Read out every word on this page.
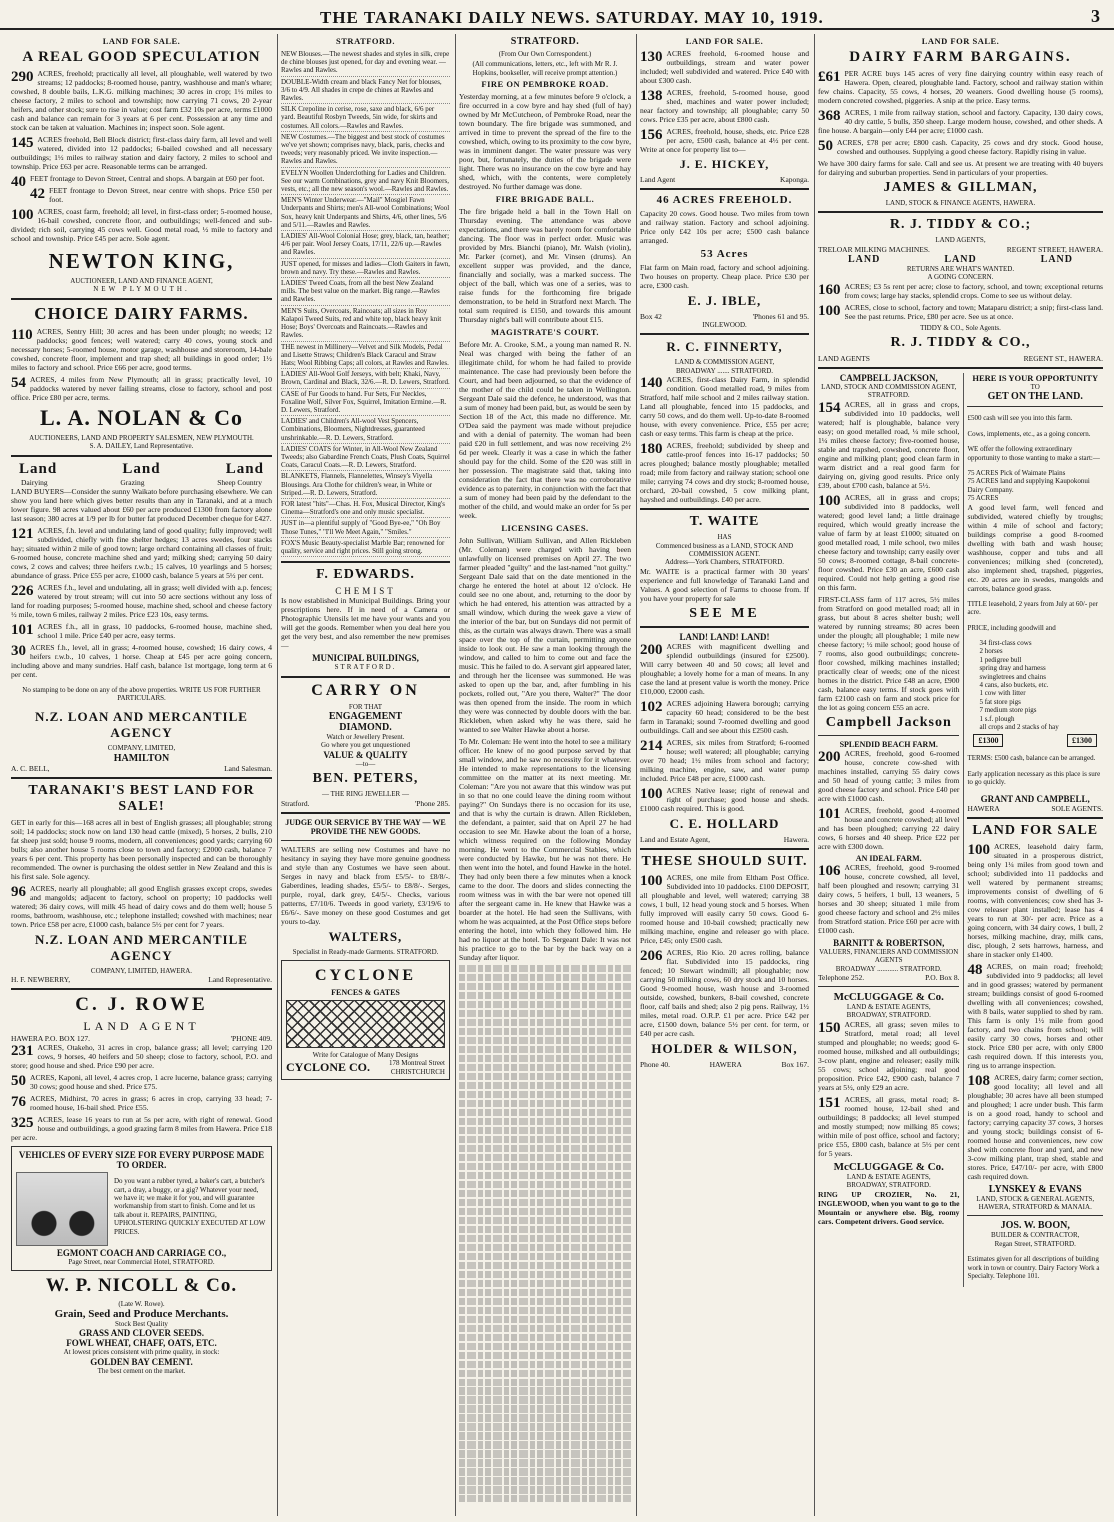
THE TARANAKI DAILY NEWS. SATURDAY. MAY 10, 1919.	3
LAND FOR SALE.
A REAL GOOD SPECULATION

290 ACRES, freehold; practically all level, all ploughable, well watered by two streams; 12 paddocks; 8-roomed house, pantry, washhouse and man's whare; cowshed, 8 double bails, L.K.G. milking machines; 30 acres in crop; 1½ miles to cheese factory, 2 miles to school and township; now carrying 71 cows, 20 2-year heifers, and other stock; sure to rise in value; cost farm £32 10s per acre, terms £1000 cash and balance can remain for 3 years at 6 per cent. Possession at any time and stock can be taken at valuation. Machines in; inspect soon. Sole agent.

145 ACRES freehold, Bell Block district; first-class dairy farm, all level and well watered, divided into 12 paddocks; 6-bailed cowshed and all necessary outbuildings; 1½ miles to railway station and dairy factory, 2 miles to school and township. Price £63 per acre. Reasonable terms can be arranged.

40 FEET frontage to Devon Street, Central and shops. A bargain at £60 per foot.

42 FEET frontage to Devon Street, near centre with shops. Price £50 per foot.

100 ACRES, coast farm, freehold; all level, in first-class order; 5-roomed house, 16-bail cowshed, concrete floor, and outbuildings; well-fenced and sub-divided; rich soil, carrying 45 cows well. Good metal road, ½ mile to factory and school and township. Price £45 per acre. Sole agent.

NEWTON KING,
AUCTIONEER, LAND AND FINANCE AGENT,
NEW PLYMOUTH.
CHOICE DAIRY FARMS.

110 ACRES, Sentry Hill; 30 acres and has been under plough; no weeds; 12 paddocks; good fences; well watered; carry 40 cows, young stock and necessary horses; 5-roomed house, motor garage, washhouse and storeroom, 14-bale cowshed, concrete floor, implement and trap shed; all buildings in good order; 1½ miles to factory and school. Price £66 per acre, good terms.

54 ACRES, 4 miles from New Plymouth; all in grass; practically level, 10 paddocks watered by never failing streams, close to factory, school and post office. Price £80 per acre, terms.

L. A. NOLAN & Co
AUCTIONEERS, LAND AND PROPERTY SALESMEN, NEW PLYMOUTH.
S. A. DAILEY, Land Representative.
Land	Land	Land
Dairying	Grazing	Sheep Country

LAND BUYERS—Consider the sunny Waikato before purchasing elsewhere. We can show you land here which gives better results than any in Taranaki, and at a much lower figure. 98 acres valued about £60 per acre produced £1300 from factory alone last season; 380 acres at 1/9 per lb for butter fat produced December cheque for £427.

121 ACRES, f.h. level and undulating land of good quality; fully improved; well subdivided, chiefly with fine shelter hedges; 13 acres swedes, four stacks hay; situated within 2 mile of good town; large orchard containing all classes of fruit; 6-roomed house, concrete machine shed and yard; milking shed; carrying 50 dairy cows, 2 cows and calves; three heifers r.w.b.; 15 calves, 10 yearlings and 5 horses; abundance of grass. Price £55 per acre, £1000 cash, balance 5 years at 5½ per cent.

226 ACRES f.h., level and undulating, all in grass; well divided with a.p. fences; watered by trout stream; will cut into 50 acre sections without any loss of land for roading purposes; 5-roomed house, machine shed, school and cheese factory ½ mile, town 6 miles, railway 2 miles. Price £23 10s, easy terms.

101 ACRES f.h., all in grass, 10 paddocks, 6-roomed house, machine shed, school 1 mile. Price £40 per acre, easy terms.

30 ACRES f.h., level, all in grass; 4-roomed house, cowshed; 16 dairy cows, 4 heifers r.w.b., 10 calves, 1 horse. Cheap at £45 per acre going concern, including above and many sundries. Half cash, balance 1st mortgage, long term at 6 per cent.

No stamping to be done on any of the above properties. WRITE US FOR FURTHER PARTICULARS.

N.Z. LOAN AND MERCANTILE AGENCY
COMPANY, LIMITED,
HAMILTON
A. C. BELL,	Land Salesman.
TARANAKI'S BEST LAND FOR SALE!

GET in early for this—168 acres all in best of English grasses; all ploughable; strong soil; 14 paddocks; stock now on land 130 head cattle (mixed), 5 horses, 2 bulls, 210 fat sheep just sold; house 9 rooms, modern, all conveniences; good yards; carrying 60 bulls; also another house 5 rooms close to town and factory; £2000 cash, balance 7 years 6 per cent. This property has been personally inspected and can be thoroughly recommended. The owner is purchasing the oldest settler in New Zealand and this is his first sale. Sole agency.

96 ACRES, nearly all ploughable; all good English grasses except crops, swedes and mangolds; adjacent to factory, school on property; 10 paddocks well watered; 36 dairy cows, will milk 45 head of dairy cows and do them well; house 5 rooms, bathroom, washhouse, etc.; telephone installed; cowshed with machines; near town. Price £58 per acre, £1000 cash, balance 5½ per cent for 7 years.

N.Z. LOAN AND MERCANTILE AGENCY
COMPANY, LIMITED, HAWERA.
H. F. NEWBERRY,	Land Representative.
C. J. ROWE
LAND AGENT
HAWERA P.O. BOX 127.	'PHONE 409.

231 ACRES, Otakeho, 31 acres in crop, balance grass; all level; carrying 120 cows, 9 horses, 40 heifers and 50 sheep; close to factory, school, P.O. and store; good house and shed. Price £90 per acre.

50 ACRES, Kaponi, all level, 4 acres crop, 1 acre lucerne, balance grass; carrying 30 cows; good house and shed. Price £75.

76 ACRES, Midhirst, 70 acres in grass; 6 acres in crop, carrying 33 head; 7-roomed house, 16-bail shed. Price £55.

325 ACRES, lease 16 years to run at 5s per acre, with right of renewal. Good house and outbuildings, a good grazing farm 8 miles from Hawera. Price £18 per acre.

VEHICLES OF EVERY SIZE FOR EVERY PURPOSE MADE TO ORDER.

Do you want a rubber tyred, a baker's cart, a butcher's cart, a dray, a buggy, or a gig? Whatever your need, we have it; we make it for you, and will guarantee workmanship from start to finish. Come and let us talk about it. REPAIRS, PAINTING, UPHOLSTERING QUICKLY EXECUTED AT LOW PRICES.

EGMONT COACH AND CARRIAGE CO.,
Page Street, near Commercial Hotel, STRATFORD.
W. P. NICOLL & Co.
(Late W. Rowe).
Grain, Seed and Produce Merchants.
Stock Best Quality
GRASS AND CLOVER SEEDS.
FOWL WHEAT, CHAFF, OATS, ETC.
At lowest prices consistent with prime quality, in stock:
GOLDEN BAY CEMENT.
The best cement on the market.
STRATFORD.
NEW Blouses.—The newest shades and styles in silk, crepe de chine blouses just opened, for day and evening wear. —Rawles and Rawles.
DOUBLE-Width cream and black Fancy Net for blouses, 3/6 to 4/9. All shades in crepe de chines at Rawles and Rawles.
SILK Crepoline in cerise, rose, saxe and black, 6/6 per yard. Beautiful Rosbyn Tweeds, 5in wide, for skirts and costumes. All colors.—Rawles and Rawles.
NEW Costumes.—The biggest and best stock of costumes we've yet shown; comprises navy, black, paris, checks and tweeds; very reasonably priced. We invite inspection.—Rawles and Rawles.
EVELYN Woollen Underclothing for Ladies and Children. See our warm Combinations, grey and navy Knit Bloomers, vests, etc.; all the new season's wool.—Rawles and Rawles.
MEN'S Winter Underwear.—"Mail" Mosgiel Fawn Underpants and Shirts; men's All-wool Combinations; Wool Sox, heavy knit Underpants and Shirts, 4/6, other lines, 5/6 and 5/11.—Rawles and Rawles.
LADIES' All-Wool Colonial Hose; grey, black, tan, heather; 4/6 per pair. Wool Jersey Coats, 17/11, 22/6 up.—Rawles and Rawles.
JUST opened, for misses and ladies—Cloth Gaiters in fawn, brown and navy. Try these.—Rawles and Rawles.
LADIES' Tweed Coats, from all the best New Zealand mills. The best value on the market. Big range.—Rawles and Rawles.
MEN'S Suits, Overcoats, Raincoats; all sizes in Roy Kalapoi Tweed Suits, red and white top, black heavy knit Hose; Boys' Overcoats and Raincoats.—Rawles and Rawles.
THE newest in Millinery—Velvet and Silk Models, Pedal and Lisette Straws; Children's Black Caracul and Straw Hats; Wool Ribbing Caps; all colors, at Rawles and Rawles.
LADIES' All-Wool Golf Jerseys, with belt; Khaki, Navy, Brown, Cardinal and Black, 32/6.—R. D. Lewers, Stratford.
CASE of Fur Goods to hand. Fur Sets, Fur Neckles, Foxaline Wolf, Silver Fox, Squirrel, Imitation Ermine.—R. D. Lewers, Stratford.
LADIES' and Children's All-wool Vest Spencers, Combinations, Bloomers, Nightdresses, guaranteed unshrinkable.—R. D. Lewers, Stratford.
LADIES' COATS for Winter, in All-Wool New Zealand Tweeds; also Gabardine French Coats, Plush Coats, Squirrel Coats, Caracul Coats.—R. D. Lewers, Stratford.
BLANKETS, Flannels, Flannelettes, Winsey's Viyella Blousings. Ara Clothe for children's wear, in White or Striped.—R. D. Lewers, Stratford.
FOR latest "hits"—Chas. H. Fox, Musical Director, King's Cinema—Stratford's one and only music specialist.
JUST in—a plentiful supply of "Good Bye-ee," "Oh Boy Those Tunes," "I'll We Meet Again," "Smiles."
FOX'S Music Beauty-specialist Marble Bar; renowned for quality, service and right prices. Still going strong.
F. EDWARDS.
CHEMIST

Is now established in Municipal Buildings. Bring your prescriptions here. If in need of a Camera or Photographic Utensils let me have your wants and you will get the goods. Remember when you deal here you get the very best, and also remember the new premises—

MUNICIPAL BUILDINGS,
STRATFORD.
CARRY ON
FOR THAT
ENGAGEMENT
DIAMOND.
Watch or Jewellery Present.
Go where you get unquestioned
VALUE & QUALITY
—to—
BEN. PETERS,
— THE RING JEWELLER —
Stratford.	'Phone 285.
JUDGE OUR SERVICE BY THE WAY — WE PROVIDE THE NEW GOODS.

WALTERS are selling new Costumes and have no hesitancy in saying they have more genuine goodness and style than any Costumes we have seen about. Serges in navy and black from £5/5/- to £8/8/-. Gaberdines, leading shades, £5/5/- to £8/8/-. Serges, purple, royal, dark grey, £4/5/-. Checks, various patterns, £7/10/6. Tweeds in good variety, £3/19/6 to £6/6/-. Save money on these good Costumes and get yours to-day.

WALTERS,
Specialist in Ready-made Garments. STRATFORD.
CYCLONE
FENCES & GATES
Write for Catalogue of Many Designs
CYCLONE CO.	178 Montreal Street CHRISTCHURCH
STRATFORD.
(From Our Own Correspondent.)

(All communications, letters, etc., left with Mr R. J. Hopkins, bookseller, will receive prompt attention.)

FIRE ON PEMBROKE ROAD.

Yesterday morning, at a few minutes before 9 o'clock, a fire occurred in a cow byre and hay shed (full of hay) owned by Mr McCutcheon, of Pembroke Road, near the town boundary. The fire brigade was summoned, and arrived in time to prevent the spread of the fire to the cowshed, which, owing to its proximity to the cow byre, was in imminent danger. The water pressure was very poor, but, fortunately, the duties of the brigade were light. There was no insurance on the cow byre and hay shed, which, with the contents, were completely destroyed. No further damage was done.

FIRE BRIGADE BALL.

The fire brigade held a ball in the Town Hall on Thursday evening. The attendance was above expectations, and there was barely room for comfortable dancing. The floor was in perfect order. Music was provided by Mrs. Bianchi (piano), Mr. Walsh (violin), Mr. Parker (cornet), and Mr. Vinsen (drums). An excellent supper was provided, and the dance, financially and socially, was a marked success. The object of the ball, which was one of a series, was to raise funds for the forthcoming fire brigade demonstration, to be held in Stratford next March. The total sum required is £150, and towards this amount Thursday night's ball will contribute about £15.

MAGISTRATE'S COURT.

Before Mr. A. Crooke, S.M., a young man named R. N. Neal was charged with being the father of an illegitimate child, for whom he had failed to provide maintenance. The case had previously been before the Court, and had been adjourned, so that the evidence of the mother of the child could be taken in Wellington. Sergeant Dale said the defence, he understood, was that a sum of money had been paid, but, as would be seen by Section 18 of the Act, this made no difference. Mr. O'Dea said the payment was made without prejudice and with a denial of paternity. The woman had been paid £20 in full settlement, and was now receiving 2½ 6d per week. Clearly it was a case in which the father should pay for the child. Some of the £20 was still in her possession. The magistrate said that, taking into consideration the fact that there was no corroborative evidence as to paternity, in conjunction with the fact that a sum of money had been paid by the defendant to the mother of the child, and would make an order for 5s per week.

LICENSING CASES.

John Sullivan, William Sullivan, and Allen Rickleben (Mr. Coleman) were charged with having been unlawfully on licensed premises on April 27. The two farmer pleaded "guilty" and the last-named "not guilty." Sergeant Dale said that on the date mentioned in the charge he entered the hotel at about 12 o'clock. He could see no one about, and, returning to the door by which he had entered, his attention was attracted by a small window, which during the week gave a view of the interior of the bar, but on Sundays did not permit of this, as the curtain was always drawn. There was a small space over the top of the curtain, permitting anyone inside to look out. He saw a man looking through the window, and called to him to come out and face the music. This he failed to do. A servant girl appeared later, and through her the licensee was summoned. He was asked to open up the bar, and, after fumbling in his pockets, rolled out, "Are you there, Walter?" The door was then opened from the inside. The room in which they were was connected by double doors with the bar. Rickleben, when asked why he was there, said he wanted to see Walter Hawke about a horse.

To Mr. Coleman: He went into the hotel to see a military officer. He knew of no good purpose served by that small window, and he saw no necessity for it whatever. He intended to make representations to the licensing committee on the matter at its next meeting. Mr. Coleman: "Are you not aware that this window was put in so that no one could leave the dining room without paying?" On Sundays there is no occasion for its use, and that is why the curtain is drawn. Allen Rickleben, the defendant, a painter, said that on April 27 he had occasion to see Mr. Hawke about the loan of a horse, which witness required on the following Monday morning. He went to the Commercial Stables, which were conducted by Hawke, but he was not there. He then went into the hotel, and found Hawke in the hotel. They had only been there a few minutes when a knock came to the door. The doors and slides connecting the room witness was in with the bar were not opened till after the sergeant came in. He knew that Hawke was a boarder at the hotel. He had seen the Sullivans, with whom he was acquainted, at the Post Office steps before entering the hotel, into which they followed him. He had no liquor at the hotel. To Sergeant Dale: It was not his practice to go to the bar by the back way on a Sunday after liquor.

LAND FOR SALE.

130 ACRES freehold, 6-roomed house and outbuildings, stream and water power included; well subdivided and watered. Price £40 with about £300 cash.

138 ACRES, freehold, 5-roomed house, good shed, machines and water power included; near factory and township; all ploughable; carry 50 cows. Price £35 per acre, about £800 cash.

156 ACRES, freehold, house, sheds, etc. Price £28 per acre, £500 cash, balance at 4½ per cent. Write at once for property list to—

J. E. HICKEY,
Land Agent	Kaponga.
46 ACRES FREEHOLD.

Capacity 20 cows. Good house. Two miles from town and railway station. Factory and school adjoining. Price only £42 10s per acre; £500 cash balance arranged.

53 Acres

Flat farm on Main road, factory and school adjoining. Two houses on property. Cheap place. Price £30 per acre, £300 cash.

E. J. IBLE,
Box 42	'Phones 61 and 95.
INGLEWOOD.
R. C. FINNERTY,
LAND & COMMISSION AGENT,
BROADWAY ....... STRATFORD.

140 ACRES, first-class Dairy Farm, in splendid condition. Good metalled road, 9 miles from Stratford, half mile school and 2 miles railway station. Land all ploughable, fenced into 15 paddocks, and carry 50 cows, and do them well. Up-to-date 8-roomed house, with every convenience. Price, £55 per acre; cash or easy terms. This farm is cheap at the price.

180 ACRES, freehold; subdivided by sheep and cattle-proof fences into 16-17 paddocks; 50 acres ploughed; balance mostly ploughable; metalled road; mile from factory and railway station; school one mile; carrying 74 cows and dry stock; 8-roomed house, orchard, 20-bail cowshed, 5 cow milking plant, hayshed and outbuildings. £40 per acre.

T. WAITE
HAS
Commenced business as a LAND, STOCK AND COMMISSION AGENT.
Address—York Chambers, STRATFORD.

Mr. WAITE is a practical farmer with 30 years' experience and full knowledge of Taranaki Land and Values. A good selection of Farms to choose from. If you have your property for sale

SEE ME
LAND! LAND! LAND!

200 ACRES with magnificent dwelling and splendid outbuildings (insured for £2500). Will carry between 40 and 50 cows; all level and ploughable; a lovely home for a man of means. In any case the land at present value is worth the money. Price £10,000, £2000 cash.

102 ACRES adjoining Hawera borough; carrying capacity 60 head; considered to be the best farm in Taranaki; sound 7-roomed dwelling and good outbuildings. Call and see about this £2500 cash.

214 ACRES, six miles from Stratford; 6-roomed house; well watered; all ploughable; carrying over 70 head; 1½ miles from school and factory; milking machine, engine, saw, and water pump included. Price £48 per acre, £1000 cash.

100 ACRES Native lease; right of renewal and right of purchase; good house and sheds. £1000 cash required. This is good.

C. E. HOLLARD
Land and Estate Agent,	Hawera.
THESE SHOULD SUIT.

100 ACRES, one mile from Eltham Post Office. Subdivided into 10 paddocks. £100 DEPOSIT, all ploughable and level, well watered; carrying 38 cows, 1 bull, 12 head young stock and 5 horses. When fully improved will easily carry 50 cows. Good 6-roomed house and 10-bail cowshed; practically new milking machine, engine and releaser go with place. Price, £45; only £500 cash.

206 ACRES, Rio Kio. 20 acres rolling, balance flat. Subdivided into 15 paddocks, ring fenced; 10 Stewart windmill; all ploughable; now carrying 50 milking cows, 60 dry stock and 10 horses. Good 9-roomed house, wash house and 3-roomed outside, cowshed, bunkers, 8-bail cowshed, concrete floor, calf bails and shed; also 2 pig pens. Railway, 1½ miles, metal road. O.R.P. £1 per acre. Price £42 per acre, £1500 down, balance 5½ per cent. for term, or £40 per acre cash.

HOLDER & WILSON,
Phone 40.	HAWERA	Box 167.
LAND FOR SALE.
DAIRY FARM BARGAINS.

£61 PER ACRE buys 145 acres of very fine dairying country within easy reach of Hawera. Open, cleared, ploughable land. Factory, school and railway station within few chains. Capacity, 55 cows, 4 horses, 20 weaners. Good dwelling house (5 rooms), modern concreted cowshed, piggeries. A snip at the price. Easy terms.

368 ACRES, 1 mile from railway station, school and factory. Capacity, 130 dairy cows, 40 dry cattle, 5 bulls, 350 sheep. Large modern house, cowshed, and other sheds. A fine house. A bargain—only £44 per acre; £1000 cash.

50 ACRES, £78 per acre; £800 cash. Capacity, 25 cows and dry stock. Good house, cowshed and outhouses. Supplying a good cheese factory. Rapidly rising in value.

We have 300 dairy farms for sale. Call and see us. At present we are treating with 40 buyers for dairying and suburban properties. Send in particulars of your properties.

JAMES & GILLMAN,
LAND, STOCK & FINANCE AGENTS, HAWERA.
R. J. TIDDY & CO.;
LAND AGENTS,
TRELOAR MILKING MACHINES.	REGENT STREET, HAWERA.
LAND	LAND	LAND
RETURNS ARE WHAT'S WANTED.
A GOING CONCERN.

160 ACRES; £3 5s rent per acre; close to factory, school, and town; exceptional returns from cows; large hay stacks, splendid crops. Come to see us without delay.

100 ACRES, close to school, factory and town; Mataparu district; a snip; first-class land. See the past returns. Price, £80 per acre. See us at once.

TIDDY & CO., Sole Agents.
R. J. TIDDY & CO.,
LAND AGENTS	REGENT ST., HAWERA.
CAMPBELL JACKSON,
LAND, STOCK AND COMMISSION AGENT, STRATFORD.

154 ACRES, all in grass and crops, subdivided into 10 paddocks, well watered; half is ploughable, balance very easy; on good metalled road, ¼ mile school, 1¼ miles cheese factory; five-roomed house, stable and trapshed, cowshed, concrete floor, engine and milking plant; good clean farm in warm district and a real good farm for dairying on, giving good results. Price only £39, about £700 cash, balance at 5½.

100 ACRES, all in grass and crops; subdivided into 8 paddocks, well watered; good level land; a little drainage required, which would greatly increase the value of farm by at least £1000; situated on good metalled road, 1 mile school, two miles cheese factory and township; carry easily over 50 cows; 8-roomed cottage, 8-bail concrete-floor cowshed. Price £30 an acre, £600 cash required. Could not help getting a good rise on this farm.

FIRST-CLASS farm of 117 acres, 5½ miles from Stratford on good metalled road; all in grass, but about 8 acres shelter bush; well watered by running streams; 80 acres been under the plough; all ploughable; 1 mile new cheese factory; ½ mile school; good house of 7 rooms, also good outbuildings; concrete-floor cowshed, milking machines installed; practically clear of weeds; one of the nicest homes in the district. Price £48 an acre, £900 cash, balance easy terms. If stock goes with farm £2100 cash on farm and stock price for the lot as going concern £55 an acre.

Campbell Jackson
SPLENDID BEACH FARM.

200 ACRES, freehold, good 6-roomed house, concrete cow-shed with machines installed, carrying 55 dairy cows and 50 head of young cattle; 3 miles from good cheese factory and school. Price £40 per acre with £1000 cash.

101 ACRES, freehold, good 4-roomed house and concrete cowshed; all level and has been ploughed; carrying 22 dairy cows, 6 horses and 40 sheep. Price £22 per acre with £300 down.

AN IDEAL FARM.

106 ACRES, freehold, good 9-roomed house, concrete cowshed, all level, half been ploughed and resown; carrying 31 dairy cows, 5 heifers, 1 bull, 13 weaners, 5 horses and 30 sheep; situated 1 mile from good cheese factory and school and 2½ miles from Stratford station. Price £60 per acre with £1000 cash.

BARNITT & ROBERTSON,
VALUERS, FINANCIERS AND COMMISSION AGENTS
BROADWAY ............ STRATFORD.
Telephone 252.	P.O. Box 8.
McCLUGGAGE & Co.
LAND & ESTATE AGENTS,
BROADWAY, STRATFORD.

150 ACRES, all grass; seven miles to Stratford, metal road; all level stumped and ploughable; no weeds; good 6-roomed house, milkshed and all outbuildings; 3-cow plant, engine and releaser; easily milk 55 cows; school adjoining; real good proposition. Price £42, £900 cash, balance 7 years at 5½, only £29 an acre.

151 ACRES, all grass, metal road; 8-roomed house, 12-bail shed and outbuildings; 8 paddocks; all level stumped and mostly stumped; now milking 85 cows; within mile of post office, school and factory; price £55, £800 cash, balance at 5½ per cent for 5 years.

McCLUGGAGE & Co.
LAND & ESTATE AGENTS,
BROADWAY, STRATFORD.

RING UP CROZIER, No. 21, INGLEWOOD, when you want to go to the Mountain or anywhere else. Big, roomy cars. Competent drivers. Good service.

HERE IS YOUR OPPORTUNITY
TO
GET ON THE LAND.

£500 cash will see you into this farm.

Cows, implements, etc., as a going concern.

WE offer the following extraordinary opportunity to those wanting to make a start:—

75 ACRES Pick of Waimate Plains
75 ACRES land and supplying Kaupokonui Dairy Company.
75 ACRES

A good level farm, well fenced and subdivided, watered chiefly by troughs; within 4 mile of school and factory; buildings comprise a good 8-roomed dwelling with bath and wash house; washhouse, copper and tubs and all conveniences; milking shed (concreted), also implement shed, trapshed, piggeries, etc. 20 acres are in swedes, mangolds and carrots, balance good grass.

TITLE leasehold, 2 years from July at 60/- per acre.

PRICE, including goodwill and

34 first-class cows
2 horses
1 pedigree bull
spring dray and harness
swingletrees and chains
4 cans, also buckets, etc.
1 cow with litter
5 fat store pigs
7 medium store pigs
1 s.f. plough
all crops and 2 stacks of hay
£1300	£1300

TERMS: £500 cash, balance can be arranged.

Early application necessary as this place is sure to go quickly.

GRANT AND CAMPBELL,
HAWERA	SOLE AGENTS.
LAND FOR SALE

100 ACRES, leasehold dairy farm, situated in a prosperous district, being only 1¼ miles from good town and school; subdivided into 11 paddocks and well watered by permanent streams; improvements consist of dwelling of 6 rooms, with conveniences; cow shed has 3-cow releaser plant installed; lease has 4 years to run at 30/- per acre. Price as a going concern, with 34 dairy cows, 1 bull, 2 horses, milking machine, dray, milk cans, disc, plough, 2 sets harrows, harness, and share in stacker only £1400.

48 ACRES, on main road; freehold; subdivided into 9 paddocks; all level and in good grasses; watered by permanent stream; buildings consist of good 6-roomed dwelling with all conveniences; cowshed, with 8 bails, water supplied to shed by ram. This farm is only 1½ mile from good factory, and two chains from school; will easily carry 30 cows, horses and other stock. Price £80 per acre, with only £800 cash required down. If this interests you, ring us to arrange inspection.

108 ACRES, dairy farm; corner section, good locality; all level and all ploughable; 30 acres have all been stumped and ploughed; 1 acre under bush. This farm is on a good road, handy to school and factory; carrying capacity 37 cows, 3 horses and young stock; buildings consist of 6-roomed house and conveniences, new cow shed with concrete floor and yard, and new 3-cow milking plant, trap shed, stable and stores. Price, £47/10/- per acre, with £800 cash required down.

LYNSKEY & EVANS
LAND, STOCK & GENERAL AGENTS, HAWERA, STRATFORD & MANAIA.
JOS. W. BOON,
BUILDER & CONTRACTOR,
Regan Street, STRATFORD.

Estimates given for all descriptions of building work in town or country. Dairy Factory Work a Specialty. Telephone 101.
